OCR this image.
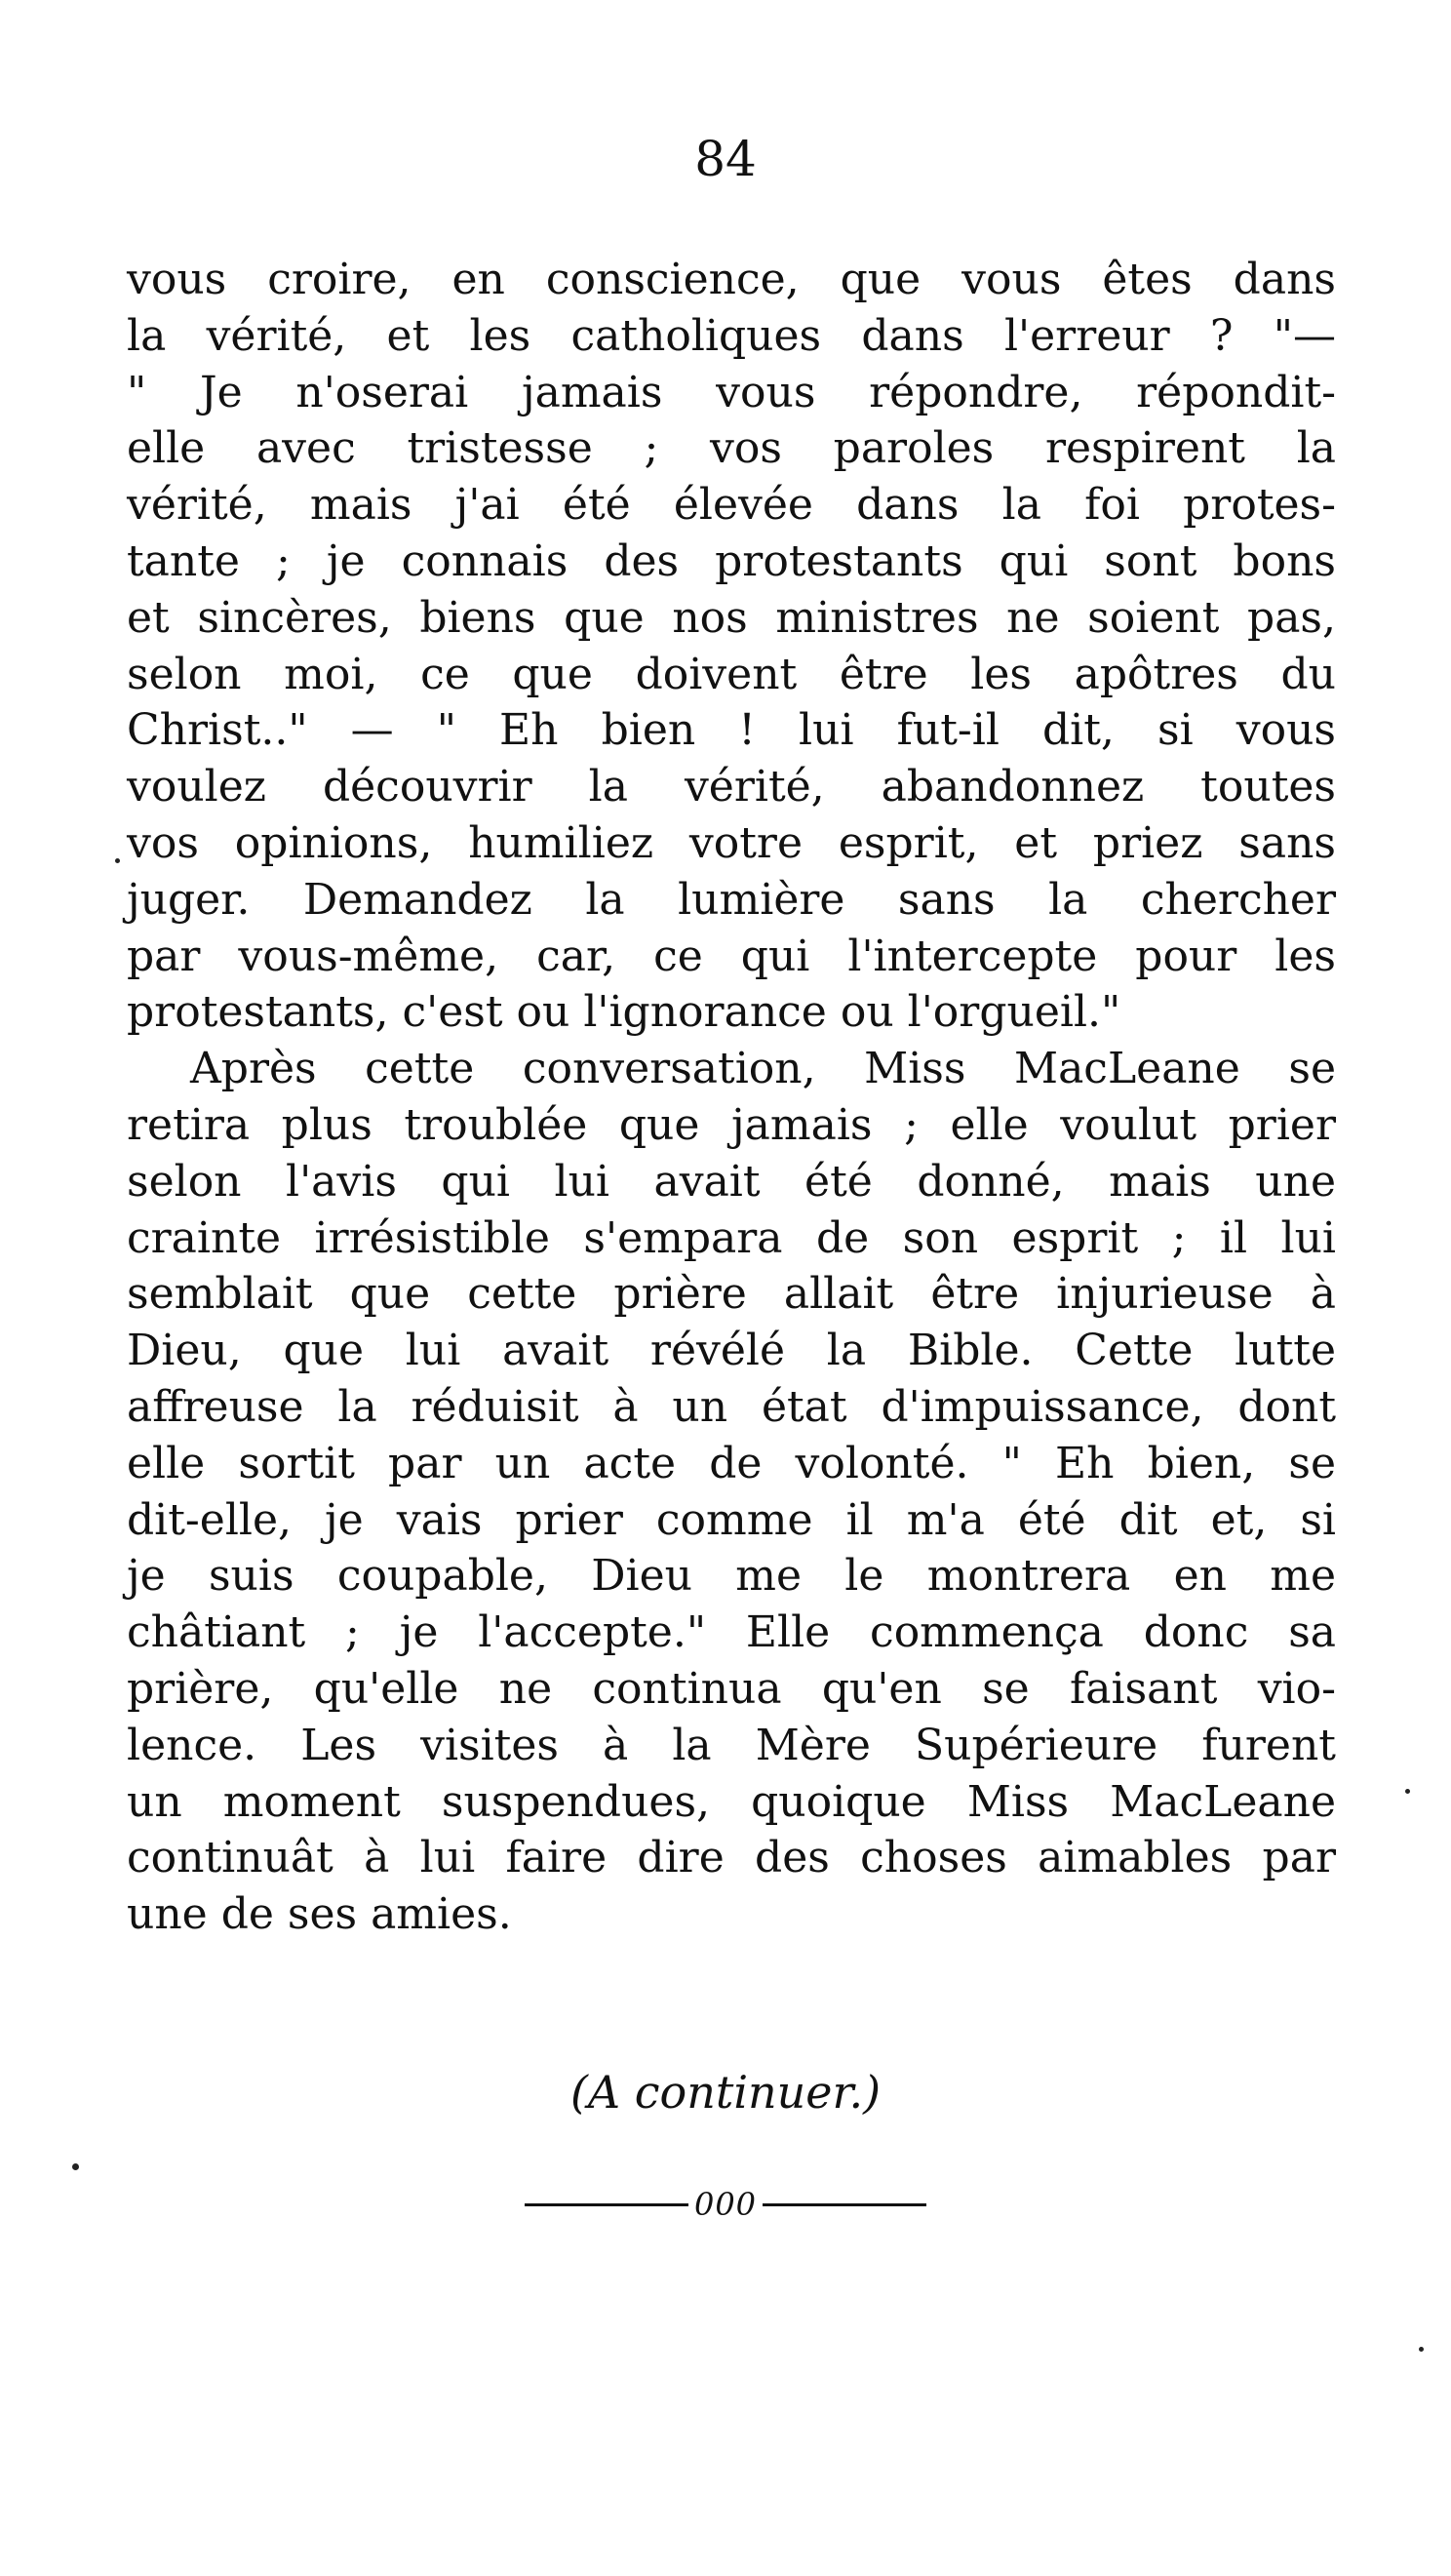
84
vous croire, en conscience, que vous êtes dans
la vérité, et les catholiques dans l'erreur ? "—
" Je n'oserai jamais vous répondre, répondit-
elle avec tristesse ; vos paroles respirent la
vérité, mais j'ai été élevée dans la foi protes-
tante ; je connais des protestants qui sont bons
et sincères, biens que nos ministres ne soient pas,
selon moi, ce que doivent être les apôtres du
Christ.." — " Eh bien ! lui fut-il dit, si vous
voulez découvrir la vérité, abandonnez toutes
vos opinions, humiliez votre esprit, et priez sans
juger. Demandez la lumière sans la chercher
par vous-même, car, ce qui l'intercepte pour les
protestants, c'est ou l'ignorance ou l'orgueil."
Après cette conversation, Miss MacLeane se
retira plus troublée que jamais ; elle voulut prier
selon l'avis qui lui avait été donné, mais une
crainte irrésistible s'empara de son esprit ; il lui
semblait que cette prière allait être injurieuse à
Dieu, que lui avait révélé la Bible. Cette lutte
affreuse la réduisit à un état d'impuissance, dont
elle sortit par un acte de volonté. " Eh bien, se
dit-elle, je vais prier comme il m'a été dit et, si
je suis coupable, Dieu me le montrera en me
châtiant ; je l'accepte." Elle commença donc sa
prière, qu'elle ne continua qu'en se faisant vio-
lence. Les visites à la Mère Supérieure furent
un moment suspendues, quoique Miss MacLeane
continuât à lui faire dire des choses aimables par
une de ses amies.
(A continuer.)
000
